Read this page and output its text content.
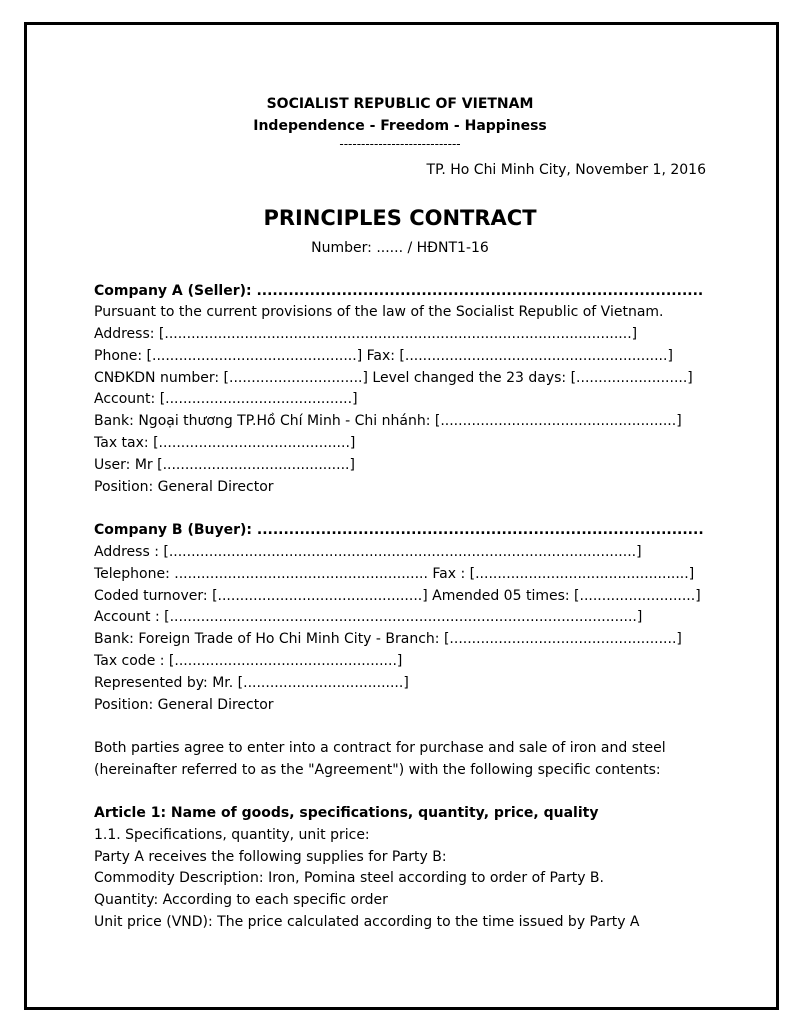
SOCIALIST REPUBLIC OF VIETNAM
Independence - Freedom - Happiness
----------------------------
TP. Ho Chi Minh City, November 1, 2016
PRINCIPLES CONTRACT
Number: ...... / HĐNT1-16
Company A (Seller): ....................................................................................
Pursuant to the current provisions of the law of the Socialist Republic of Vietnam.
Address: [.........................................................................................................]
Phone: [..............................................] Fax: [...........................................................]
CNĐKDN number: [..............................] Level changed the 23 days: [.........................]
Account: [..........................................]
Bank: Ngoại thương TP.Hồ Chí Minh - Chi nhánh: [.....................................................]
Tax tax: [...........................................]
User: Mr [..........................................]
Position: General Director
Company B (Buyer): ....................................................................................
Address : [.........................................................................................................]
Telephone: ......................................................... Fax : [................................................]
Coded turnover: [..............................................] Amended 05 times: [..........................]
Account : [.........................................................................................................]
Bank: Foreign Trade of Ho Chi Minh City - Branch: [...................................................]
Tax code : [..................................................]
Represented by: Mr. [....................................]
Position: General Director
Both parties agree to enter into a contract for purchase and sale of iron and steel
(hereinafter referred to as the "Agreement") with the following specific contents:
Article 1: Name of goods, specifications, quantity, price, quality
1.1. Specifications, quantity, unit price:
Party A receives the following supplies for Party B:
Commodity Description: Iron, Pomina steel according to order of Party B.
Quantity: According to each specific order
Unit price (VND): The price calculated according to the time issued by Party A
